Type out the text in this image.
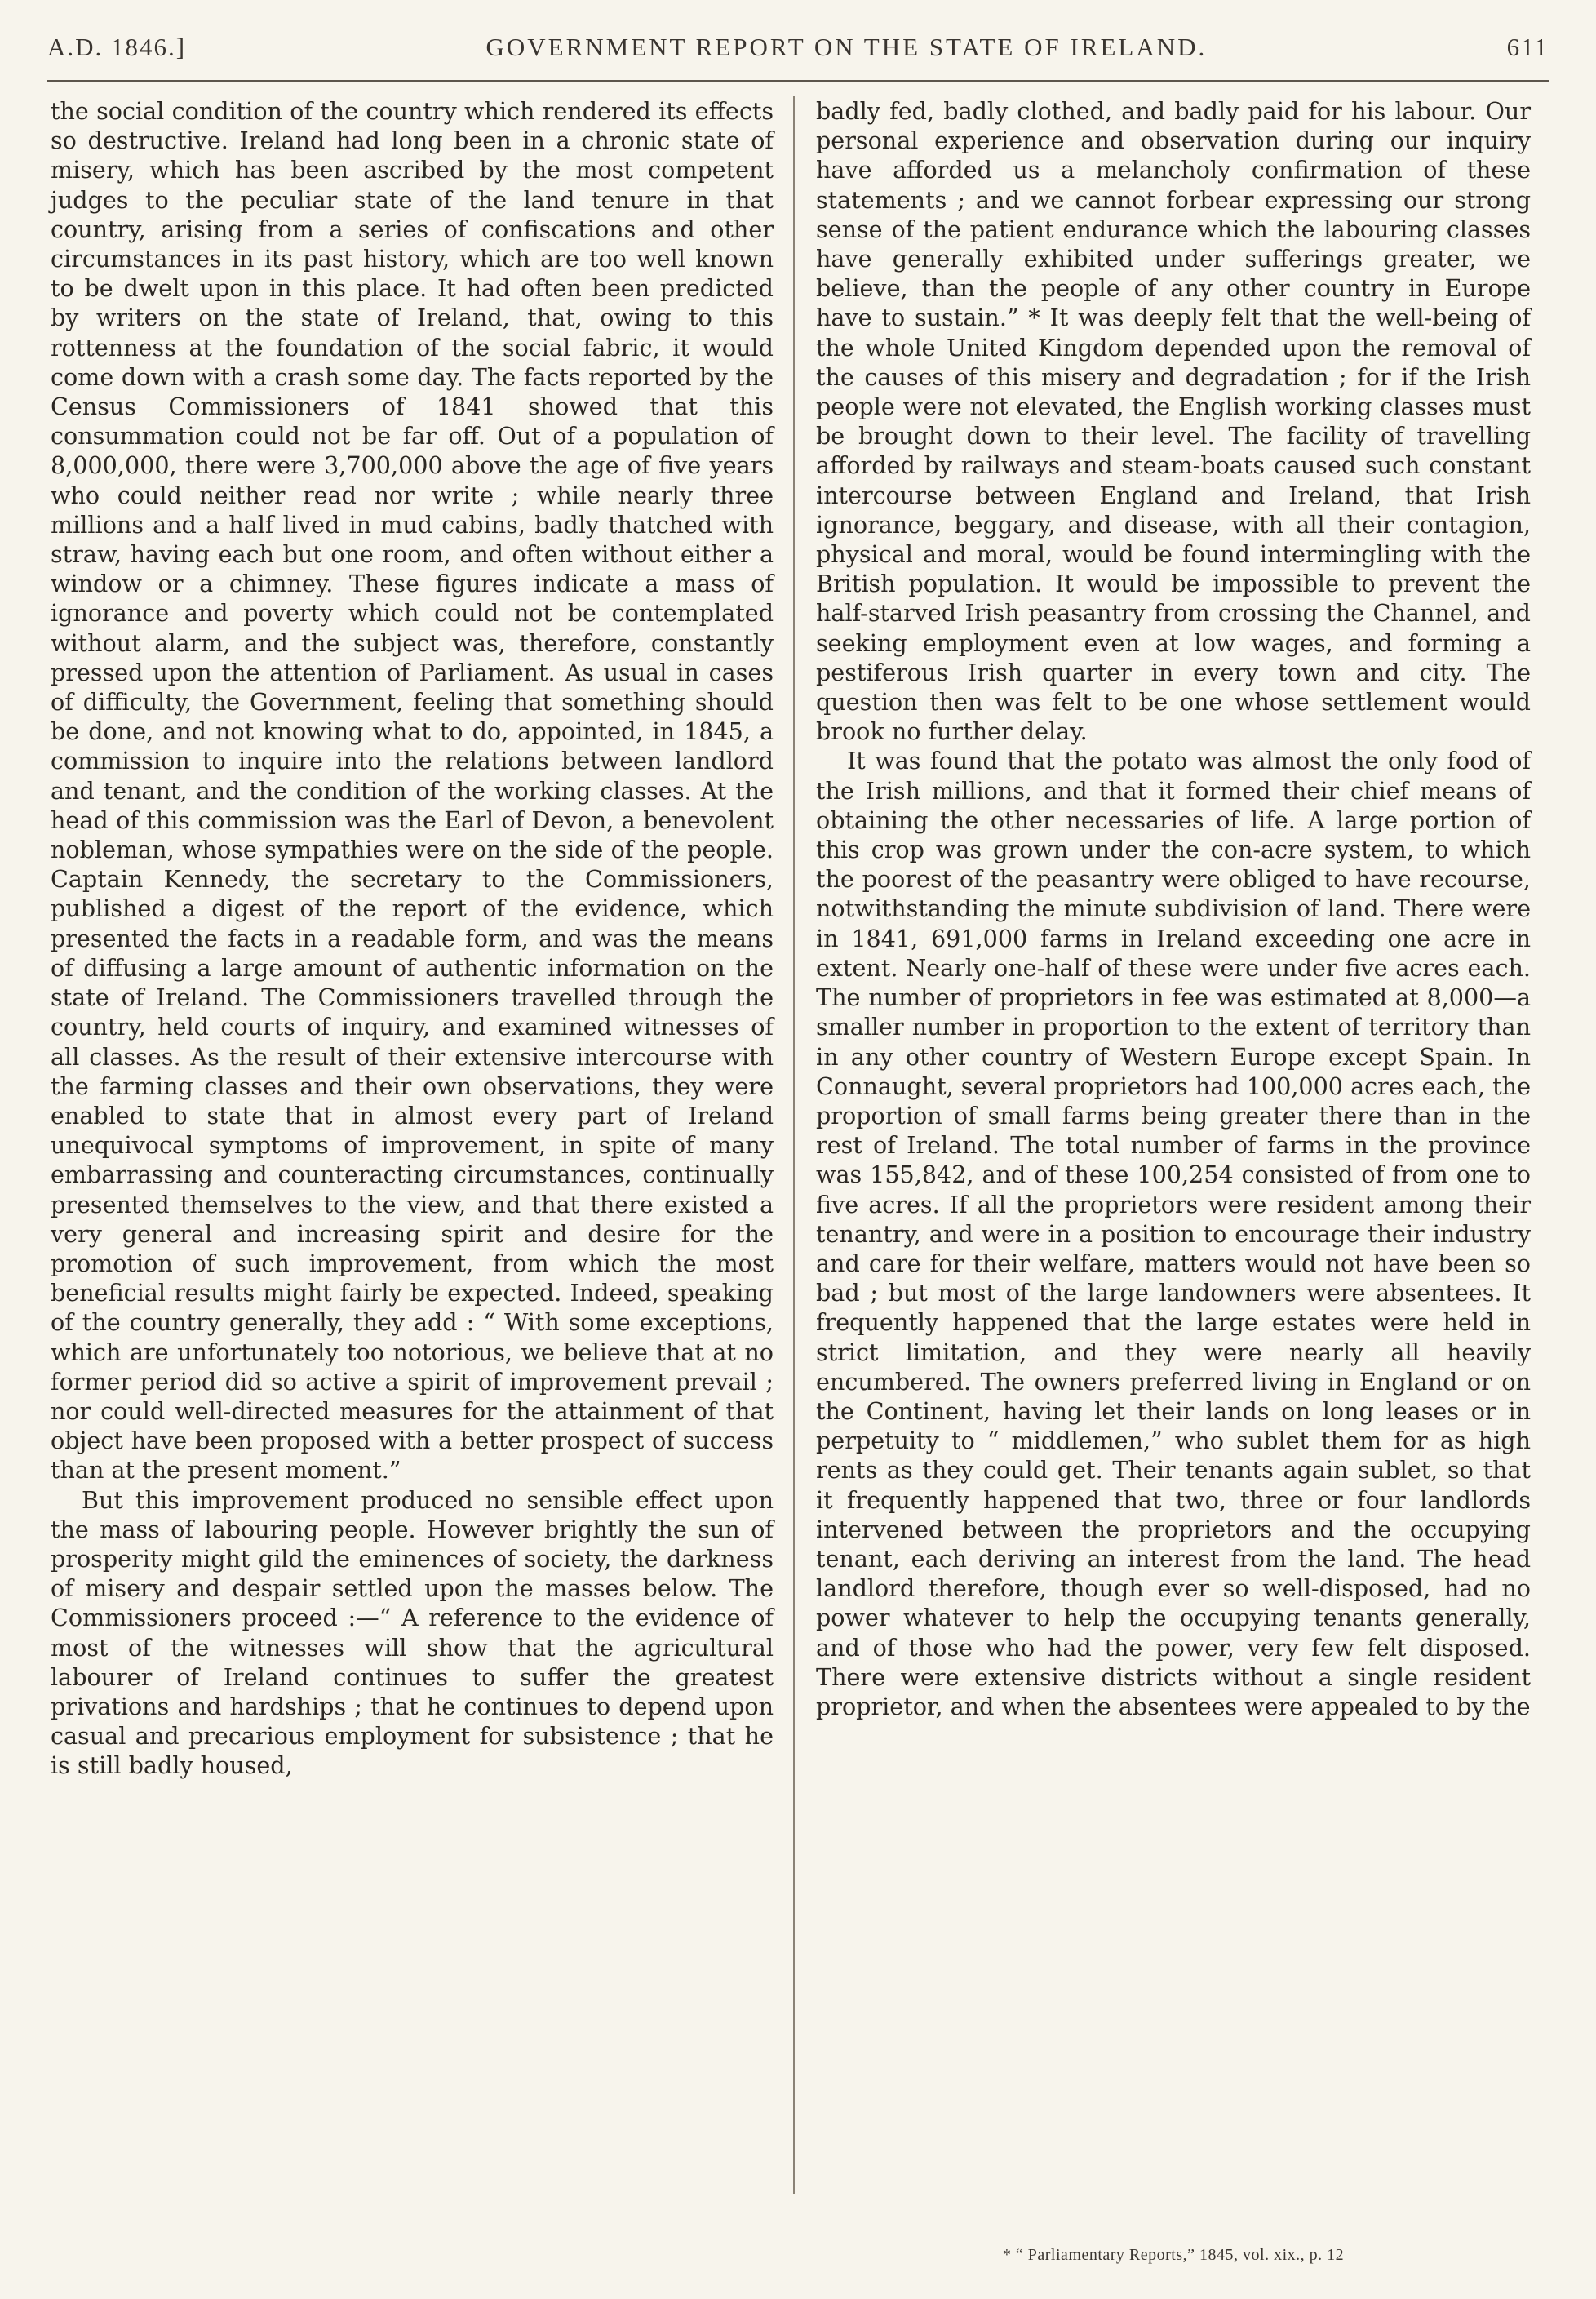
A.D. 1846.]	GOVERNMENT REPORT ON THE STATE OF IRELAND.	611

the social condition of the country which rendered its effects so destructive. Ireland had long been in a chronic state of misery, which has been ascribed by the most competent judges to the peculiar state of the land tenure in that country, arising from a series of confiscations and other circumstances in its past history, which are too well known to be dwelt upon in this place. It had often been predicted by writers on the state of Ireland, that, owing to this rottenness at the foundation of the social fabric, it would come down with a crash some day. The facts reported by the Census Commissioners of 1841 showed that this consummation could not be far off. Out of a population of 8,000,000, there were 3,700,000 above the age of five years who could neither read nor write ; while nearly three millions and a half lived in mud cabins, badly thatched with straw, having each but one room, and often without either a window or a chimney. These figures indicate a mass of ignorance and poverty which could not be contemplated without alarm, and the subject was, therefore, constantly pressed upon the attention of Parliament. As usual in cases of difficulty, the Government, feeling that something should be done, and not knowing what to do, appointed, in 1845, a commission to inquire into the relations between landlord and tenant, and the condition of the working classes. At the head of this commission was the Earl of Devon, a benevolent nobleman, whose sympathies were on the side of the people. Captain Kennedy, the secretary to the Commissioners, published a digest of the report of the evidence, which presented the facts in a readable form, and was the means of diffusing a large amount of authentic information on the state of Ireland. The Commissioners travelled through the country, held courts of inquiry, and examined witnesses of all classes. As the result of their extensive intercourse with the farming classes and their own observations, they were enabled to state that in almost every part of Ireland unequivocal symptoms of improvement, in spite of many embarrassing and counteracting circumstances, continually presented themselves to the view, and that there existed a very general and increasing spirit and desire for the promotion of such improvement, from which the most beneficial results might fairly be expected. Indeed, speaking of the country generally, they add : “ With some exceptions, which are unfortunately too notorious, we believe that at no former period did so active a spirit of improvement prevail ; nor could well-directed measures for the attainment of that object have been proposed with a better prospect of success than at the present moment.”

But this improvement produced no sensible effect upon the mass of labouring people. However brightly the sun of prosperity might gild the eminences of society, the darkness of misery and despair settled upon the masses below. The Commissioners proceed :—“ A reference to the evidence of most of the witnesses will show that the agricultural labourer of Ireland continues to suffer the greatest privations and hardships ; that he continues to depend upon casual and precarious employment for subsistence ; that he is still badly housed,

badly fed, badly clothed, and badly paid for his labour. Our personal experience and observation during our inquiry have afforded us a melancholy confirmation of these statements ; and we cannot forbear expressing our strong sense of the patient endurance which the labouring classes have generally exhibited under sufferings greater, we believe, than the people of any other country in Europe have to sustain.” * It was deeply felt that the well-being of the whole United Kingdom depended upon the removal of the causes of this misery and degradation ; for if the Irish people were not elevated, the English working classes must be brought down to their level. The facility of travelling afforded by railways and steam-boats caused such constant intercourse between England and Ireland, that Irish ignorance, beggary, and disease, with all their contagion, physical and moral, would be found intermingling with the British population. It would be impossible to prevent the half-starved Irish peasantry from crossing the Channel, and seeking employment even at low wages, and forming a pestiferous Irish quarter in every town and city. The question then was felt to be one whose settlement would brook no further delay.

It was found that the potato was almost the only food of the Irish millions, and that it formed their chief means of obtaining the other necessaries of life. A large portion of this crop was grown under the con-acre system, to which the poorest of the peasantry were obliged to have recourse, notwithstanding the minute subdivision of land. There were in 1841, 691,000 farms in Ireland exceeding one acre in extent. Nearly one-half of these were under five acres each. The number of proprietors in fee was estimated at 8,000—a smaller number in proportion to the extent of territory than in any other country of Western Europe except Spain. In Connaught, several proprietors had 100,000 acres each, the proportion of small farms being greater there than in the rest of Ireland. The total number of farms in the province was 155,842, and of these 100,254 consisted of from one to five acres. If all the proprietors were resident among their tenantry, and were in a position to encourage their industry and care for their welfare, matters would not have been so bad ; but most of the large landowners were absentees. It frequently happened that the large estates were held in strict limitation, and they were nearly all heavily encumbered. The owners preferred living in England or on the Continent, having let their lands on long leases or in perpetuity to “ middlemen,” who sublet them for as high rents as they could get. Their tenants again sublet, so that it frequently happened that two, three or four landlords intervened between the proprietors and the occupying tenant, each deriving an interest from the land. The head landlord therefore, though ever so well-disposed, had no power whatever to help the occupying tenants generally, and of those who had the power, very few felt disposed. There were extensive districts without a single resident proprietor, and when the absentees were appealed to by the

* “ Parliamentary Reports,” 1845, vol. xix., p. 12
